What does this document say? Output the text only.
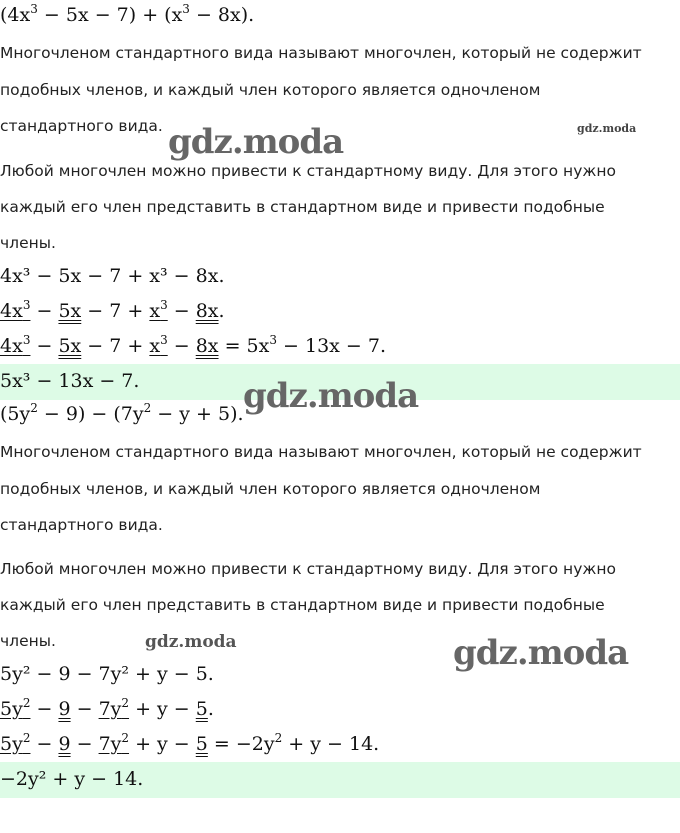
$(4x^3 - 5x - 7) + (x^3 - 8x)$.
Многочленом стандартного вида называют многочлен, который не содержит
подобных членов, и каждый член которого является одночленом
стандартного вида.
Любой многочлен можно привести к стандартному виду. Для этого нужно
каждый его член представить в стандартном виде и привести подобные
члены.
4x³ − 5x − 7 + x³ − 8x.
$4x^3 - 5x - 7 + x^3 - 8x$.
$4x^3 - 5x - 7 + x^3 - 8x = 5x^3 - 13x - 7$.
5x³ − 13x − 7.
$(5y^2 - 9) - (7y^2 - y + 5)$.
Многочленом стандартного вида называют многочлен, который не содержит
подобных членов, и каждый член которого является одночленом
стандартного вида.
Любой многочлен можно привести к стандартному виду. Для этого нужно
каждый его член представить в стандартном виде и привести подобные
члены.
5y² − 9 − 7y² + y − 5.
$5y^2 - 9 - 7y^2 + y - 5$.
$5y^2 - 9 - 7y^2 + y - 5 = -2y^2 + y - 14$.
−2y² + y − 14.
gdz.moda
gdz.moda
gdz.moda
gdz.moda	gdz.moda
